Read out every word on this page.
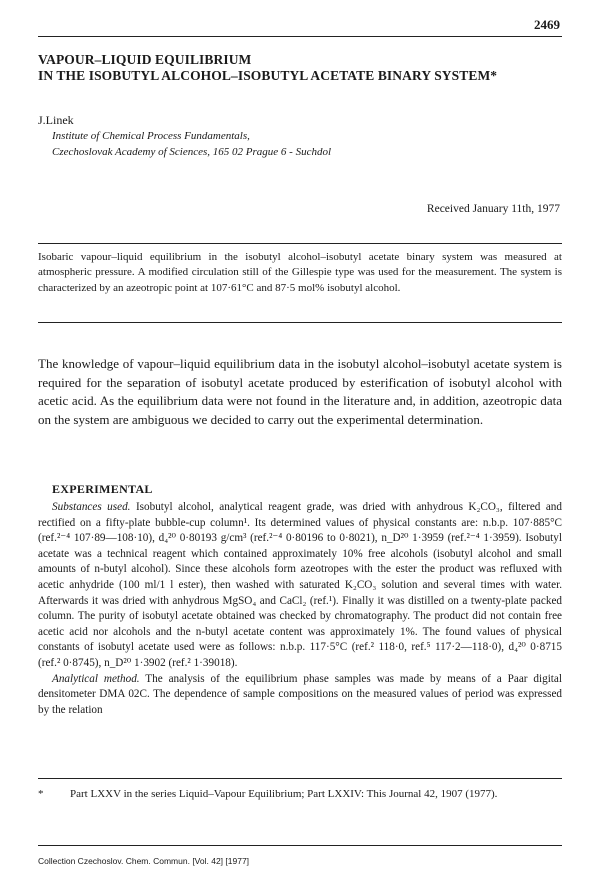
2469
VAPOUR–LIQUID EQUILIBRIUM
IN THE ISOBUTYL ALCOHOL–ISOBUTYL ACETATE BINARY SYSTEM*
J.Linek
Institute of Chemical Process Fundamentals,
Czechoslovak Academy of Sciences, 165 02 Prague 6 - Suchdol
Received January 11th, 1977
Isobaric vapour–liquid equilibrium in the isobutyl alcohol–isobutyl acetate binary system was measured at atmospheric pressure. A modified circulation still of the Gillespie type was used for the measurement. The system is characterized by an azeotropic point at 107·61°C and 87·5 mol% isobutyl alcohol.
The knowledge of vapour–liquid equilibrium data in the isobutyl alcohol–isobutyl acetate system is required for the separation of isobutyl acetate produced by esterification of isobutyl alcohol with acetic acid. As the equilibrium data were not found in the literature and, in addition, azeotropic data on the system are ambiguous we decided to carry out the experimental determination.
EXPERIMENTAL

Substances used. Isobutyl alcohol, analytical reagent grade, was dried with anhydrous K₂CO₃, filtered and rectified on a fifty-plate bubble-cup column¹. Its determined values of physical constants are: n.b.p. 107·885°C (ref.²⁻⁴ 107·89—108·10), d₄²⁰ 0·80193 g/cm³ (ref.²⁻⁴ 0·80196 to 0·8021), n_D²⁰ 1·3959 (ref.²⁻⁴ 1·3959). Isobutyl acetate was a technical reagent which contained approximately 10% free alcohols (isobutyl alcohol and small amounts of n-butyl alcohol). Since these alcohols form azeotropes with the ester the product was refluxed with acetic anhydride (100 ml/1 l ester), then washed with saturated K₂CO₃ solution and several times with water. Afterwards it was dried with anhydrous MgSO₄ and CaCl₂ (ref.¹). Finally it was distilled on a twenty-plate packed column. The purity of isobutyl acetate obtained was checked by chromatography. The product did not contain free acetic acid nor alcohols and the n-butyl acetate content was approximately 1%. The found values of physical constants of isobutyl acetate used were as follows: n.b.p. 117·5°C (ref.² 118·0, ref.⁵ 117·2—118·0), d₄²⁰ 0·8715 (ref.² 0·8745), n_D²⁰ 1·3902 (ref.² 1·39018).

Analytical method. The analysis of the equilibrium phase samples was made by means of a Paar digital densitometer DMA 02C. The dependence of sample compositions on the measured values of period was expressed by the relation

* Part LXXV in the series Liquid–Vapour Equilibrium; Part LXXIV: This Journal 42, 1907 (1977).
Collection Czechoslov. Chem. Commun. [Vol. 42] [1977]
